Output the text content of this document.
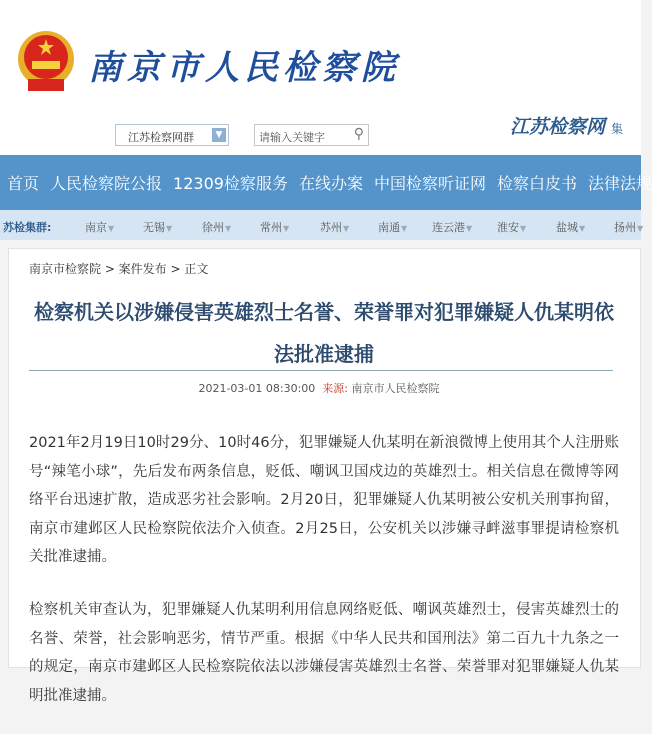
南京市人民检察院
江苏检察网群	▼	请输入关键字 ⚲	江苏检察网 集
首页 人民检察院公报 12309检察服务 在线办案 中国检察听证网 检察白皮书 法律法规
苏检集群:	南京▼	无锡▼	徐州▼	常州▼	苏州▼	南通▼ 连云港▼ 淮安▼	盐城▼	扬州▼
南京市检察院 > 案件发布 > 正文
检察机关以涉嫌侵害英雄烈士名誉、荣誉罪对犯罪嫌疑人仇某明依法批准逮捕
2021-03-01 08:30:00 来源: 南京市人民检察院

2021年2月19日10时29分、10时46分，犯罪嫌疑人仇某明在新浪微博上使用其个人注册账号“辣笔小球”，先后发布两条信息，贬低、嘲讽卫国戍边的英雄烈士。相关信息在微博等网络平台迅速扩散，造成恶劣社会影响。2月20日，犯罪嫌疑人仇某明被公安机关刑事拘留，南京市建邺区人民检察院依法介入侦查。2月25日，公安机关以涉嫌寻衅滋事罪提请检察机关批准逮捕。

检察机关审查认为，犯罪嫌疑人仇某明利用信息网络贬低、嘲讽英雄烈士，侵害英雄烈士的名誉、荣誉，社会影响恶劣，情节严重。根据《中华人民共和国刑法》第二百九十九条之一的规定，南京市建邺区人民检察院依法以涉嫌侵害英雄烈士名誉、荣誉罪对犯罪嫌疑人仇某明批准逮捕。
